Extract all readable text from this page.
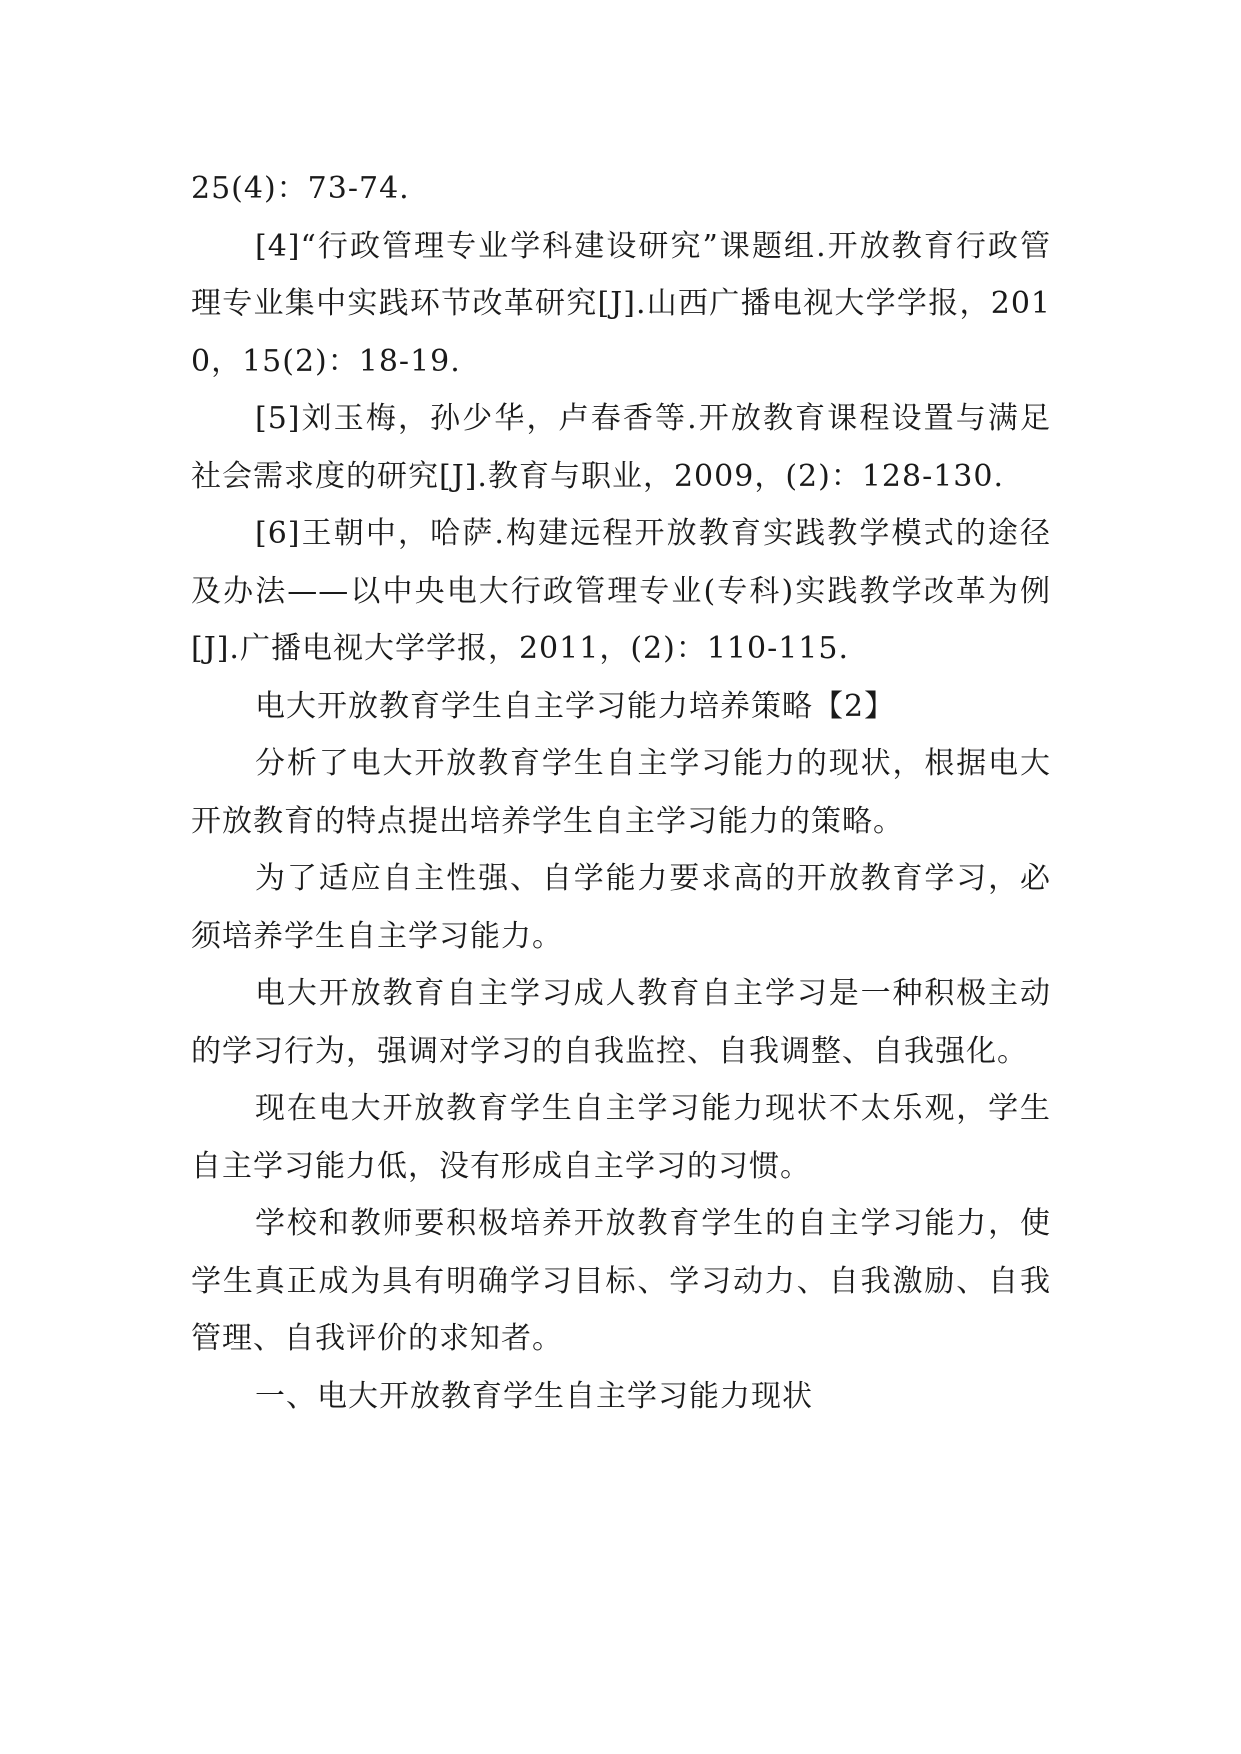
25(4)：73-74.

[4]“行政管理专业学科建设研究”课题组.开放教育行政管理专业集中实践环节改革研究[J].山西广播电视大学学报，2010，15(2)：18-19.

[5]刘玉梅，孙少华，卢春香等.开放教育课程设置与满足社会需求度的研究[J].教育与职业，2009，(2)：128-130.

[6]王朝中，哈萨.构建远程开放教育实践教学模式的途径及办法——以中央电大行政管理专业(专科)实践教学改革为例[J].广播电视大学学报，2011，(2)：110-115.

电大开放教育学生自主学习能力培养策略【2】

分析了电大开放教育学生自主学习能力的现状，根据电大开放教育的特点提出培养学生自主学习能力的策略。

为了适应自主性强、自学能力要求高的开放教育学习，必须培养学生自主学习能力。

电大开放教育自主学习成人教育自主学习是一种积极主动的学习行为，强调对学习的自我监控、自我调整、自我强化。

现在电大开放教育学生自主学习能力现状不太乐观，学生自主学习能力低，没有形成自主学习的习惯。

学校和教师要积极培养开放教育学生的自主学习能力，使学生真正成为具有明确学习目标、学习动力、自我激励、自我管理、自我评价的求知者。

一、电大开放教育学生自主学习能力现状
